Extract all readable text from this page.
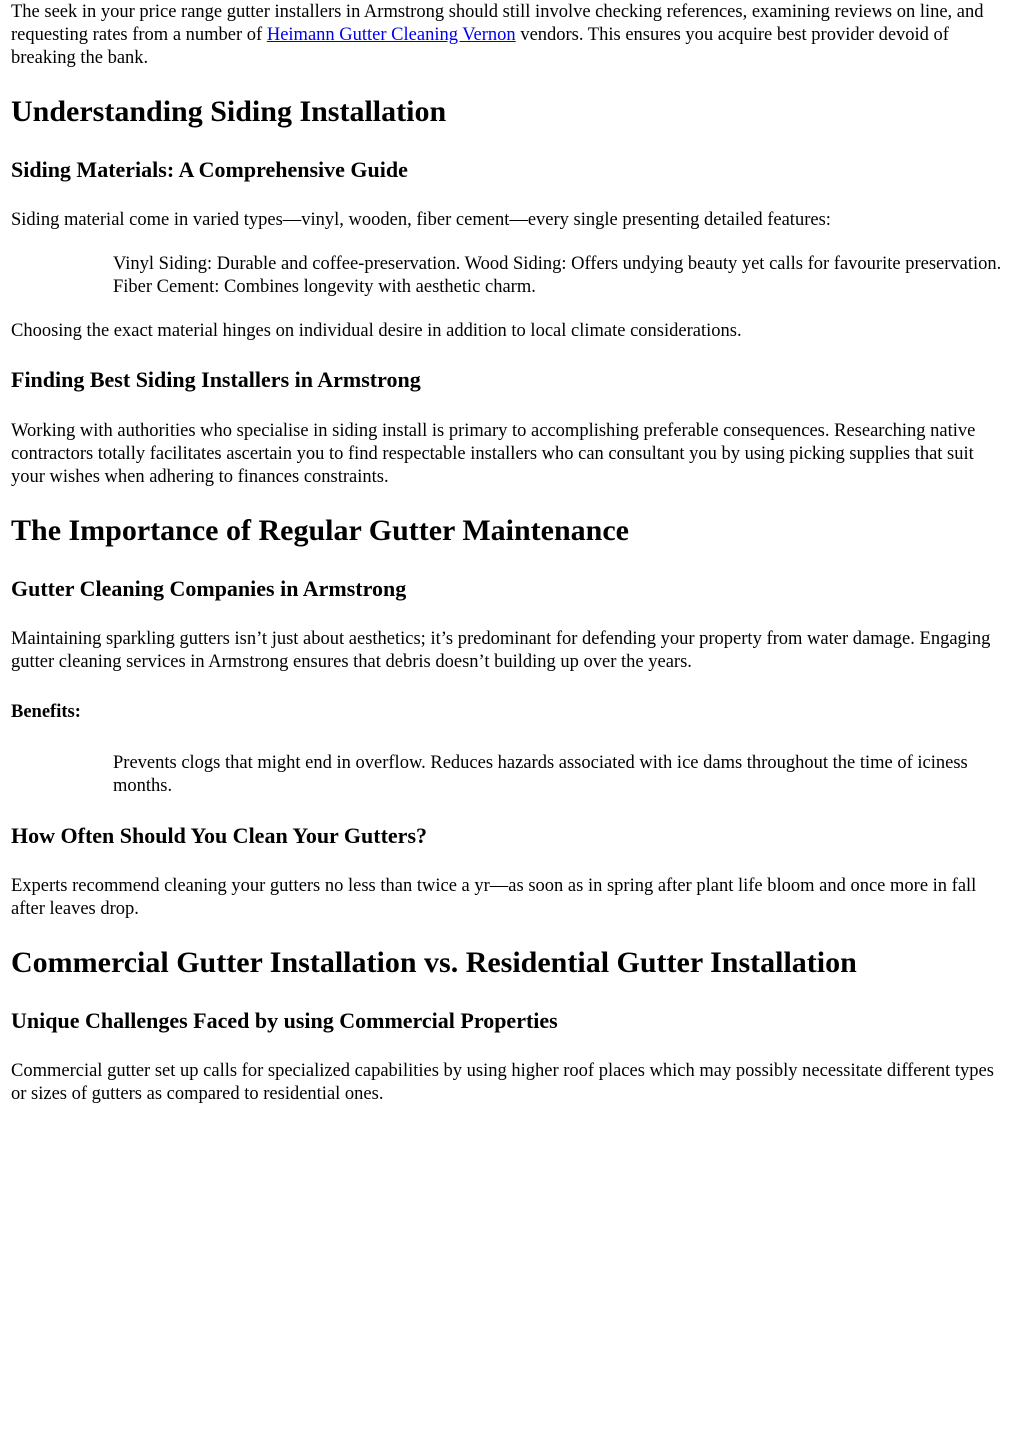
The seek in your price range gutter installers in Armstrong should still involve checking references, examining reviews on line, and requesting rates from a number of Heimann Gutter Cleaning Vernon vendors. This ensures you acquire best provider devoid of breaking the bank.

Understanding Siding Installation
Siding Materials: A Comprehensive Guide

Siding material come in varied types—vinyl, wooden, fiber cement—every single presenting detailed features:

Vinyl Siding: Durable and coffee-preservation. Wood Siding: Offers undying beauty yet calls for favourite preservation. Fiber Cement: Combines longevity with aesthetic charm.

Choosing the exact material hinges on individual desire in addition to local climate considerations.

Finding Best Siding Installers in Armstrong

Working with authorities who specialise in siding install is primary to accomplishing preferable consequences. Researching native contractors totally facilitates ascertain you to find respectable installers who can consultant you by using picking supplies that suit your wishes when adhering to finances constraints.

The Importance of Regular Gutter Maintenance
Gutter Cleaning Companies in Armstrong

Maintaining sparkling gutters isn’t just about aesthetics; it’s predominant for defending your property from water damage. Engaging gutter cleaning services in Armstrong ensures that debris doesn’t building up over the years.

Benefits:
Prevents clogs that might end in overflow. Reduces hazards associated with ice dams throughout the time of iciness months.
How Often Should You Clean Your Gutters?

Experts recommend cleaning your gutters no less than twice a yr—as soon as in spring after plant life bloom and once more in fall after leaves drop.

Commercial Gutter Installation vs. Residential Gutter Installation
Unique Challenges Faced by using Commercial Properties

Commercial gutter set up calls for specialized capabilities by using higher roof places which may possibly necessitate different types or sizes of gutters as compared to residential ones.
